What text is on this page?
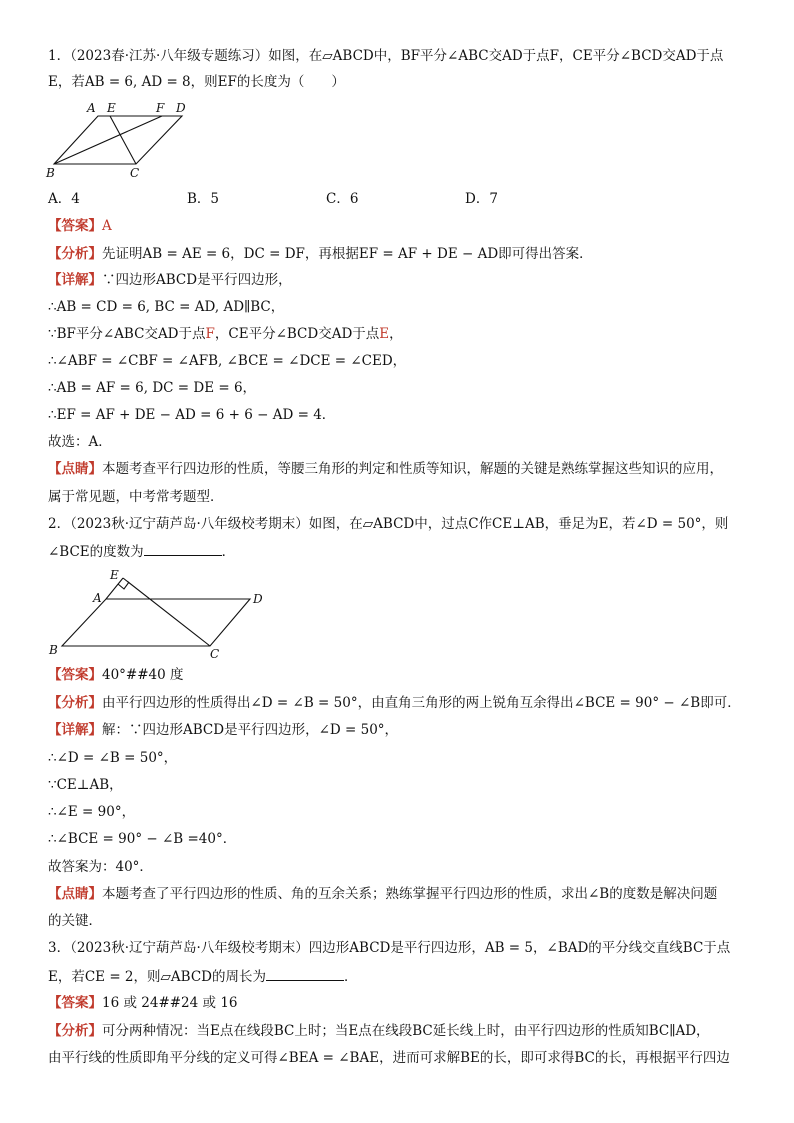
1．（2023春·江苏·八年级专题练习）如图，在▱ABCD中，BF平分∠ABC交AD于点F，CE平分∠BCD交AD于点
E，若AB = 6, AD = 8，则EF的长度为（　　）
A E	F D
B	C
A．4	B．5	C．6	D．7
【答案】A
【分析】先证明AB = AE = 6，DC = DF，再根据EF = AF + DE − AD即可得出答案．
【详解】∵四边形ABCD是平行四边形，
∴AB = CD = 6, BC = AD, AD∥BC，
∵BF平分∠ABC交AD于点F，CE平分∠BCD交AD于点E，
∴∠ABF = ∠CBF = ∠AFB, ∠BCE = ∠DCE = ∠CED，
∴AB = AF = 6, DC = DE = 6，
∴EF = AF + DE − AD = 6 + 6 − AD = 4．
故选：A．
【点睛】本题考查平行四边形的性质，等腰三角形的判定和性质等知识，解题的关键是熟练掌握这些知识的应用，
属于常见题，中考常考题型．
2．（2023秋·辽宁葫芦岛·八年级校考期末）如图，在▱ABCD中，过点C作CE⊥AB，垂足为E，若∠D = 50°，则
∠BCE的度数为	．
E
A	D
B	C
【答案】40°##40 度
【分析】由平行四边形的性质得出∠D = ∠B = 50°，由直角三角形的两上锐角互余得出∠BCE = 90° − ∠B即可．
【详解】解：∵四边形ABCD是平行四边形，∠D = 50°，
∴∠D = ∠B = 50°，
∵CE⊥AB，
∴∠E = 90°，
∴∠BCE = 90° − ∠B =40°．
故答案为：40°．
【点睛】本题考查了平行四边形的性质、角的互余关系；熟练掌握平行四边形的性质，求出∠B的度数是解决问题
的关键．
3．（2023秋·辽宁葫芦岛·八年级校考期末）四边形ABCD是平行四边形，AB = 5，∠BAD的平分线交直线BC于点
E，若CE = 2，则▱ABCD的周长为	．
【答案】16 或 24##24 或 16
【分析】可分两种情况：当E点在线段BC上时；当E点在线段BC延长线上时，由平行四边形的性质知BC∥AD，
由平行线的性质即角平分线的定义可得∠BEA = ∠BAE，进而可求解BE的长，即可求得BC的长，再根据平行四边
